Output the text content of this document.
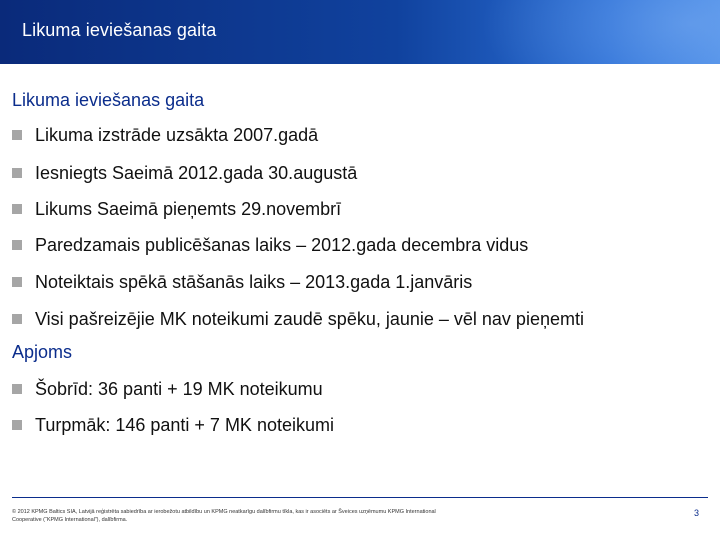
Likuma ieviešanas gaita
Likuma ieviešanas gaita
Likuma izstrāde uzsākta 2007.gadā
Iesniegts Saeimā 2012.gada 30.augustā
Likums Saeimā pieņemts 29.novembrī
Paredzamais publicēšanas laiks – 2012.gada decembra vidus
Noteiktais spēkā stāšanās laiks – 2013.gada 1.janvāris
Visi pašreizējie MK noteikumi zaudē spēku, jaunie – vēl nav pieņemti
Apjoms
Šobrīd: 36 panti + 19 MK noteikumu
Turpmāk: 146 panti + 7 MK noteikumi
© 2012 KPMG Baltics SIA, Latvijā reģistrēta sabiedrība ar ierobežotu atbildību un KPMG neatkarīgu dalībfirmu tīkla, kas ir asociēts ar Šveices uzņēmumu KPMG International Cooperative (“KPMG International”), dalībfirma.
3
